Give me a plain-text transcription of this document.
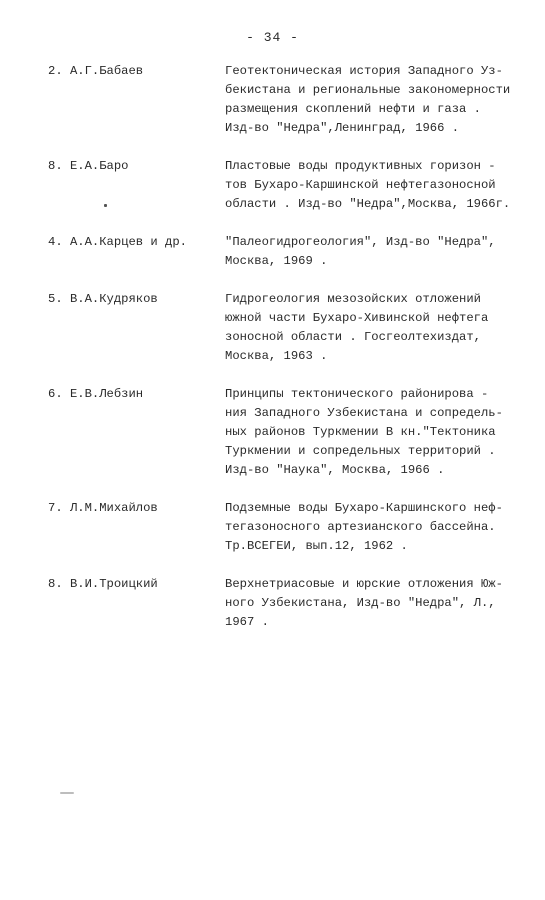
- 34 -
2. А.Г.Бабаев	Геотектоническая история Западного Уз-
бекистана и региональные закономерности
размещения скоплений нефти и газа .
Изд-во "Недра",Ленинград, 1966 .
8. Е.А.Баро	Пластовые воды продуктивных горизон -
тов Бухаро-Каршинской нефтегазоносной
области . Изд-во "Недра",Москва, 1966г.
4. А.А.Карцев и др.	"Палеогидрогеология", Изд-во "Недра",
Москва, 1969 .
5. В.А.Кудряков	Гидрогеология мезозойских отложений
южной части Бухаро-Хивинской нефтега
зоносной области . Госгеолтехиздат,
Москва, 1963 .
6. Е.В.Лебзин	Принципы тектонического районирова -
ния Западного Узбекистана и сопредель-
ных районов Туркмении В кн."Тектоника
Туркмении и сопредельных территорий .
Изд-во "Наука", Москва, 1966 .
7. Л.М.Михайлов	Подземные воды Бухаро-Каршинского неф-
тегазоносного артезианского бассейна.
Тр.ВСЕГЕИ, вып.12, 1962 .
8. В.И.Троицкий	Верхнетриасовые и юрские отложения Юж-
ного Узбекистана, Изд-во "Недра", Л.,
1967 .
